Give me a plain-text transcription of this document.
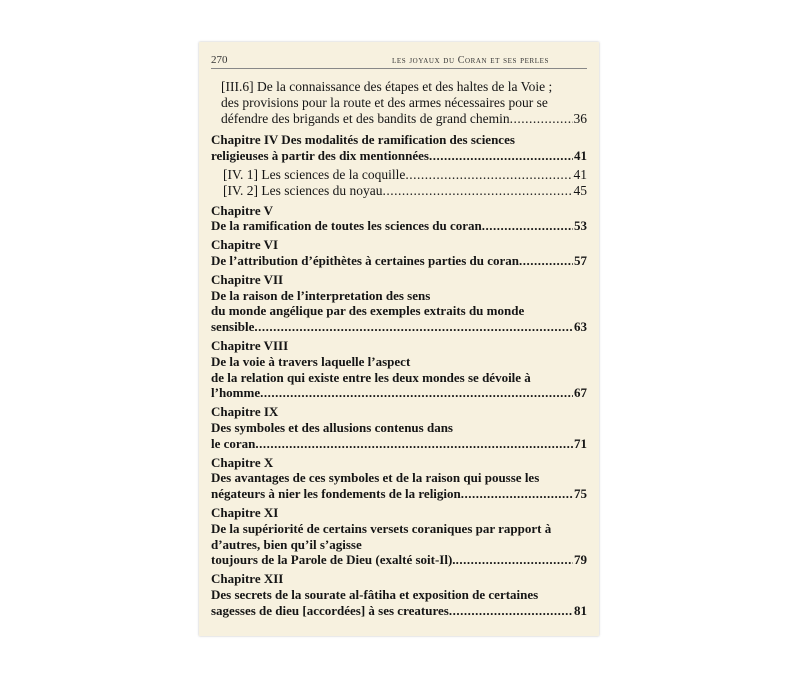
270	les joyaux du Coran et ses perles
[III.6] De la connaissance des étapes et des haltes de la Voie ;
des provisions pour la route et des armes nécessaires pour se
défendre des brigands et des bandits de grand chemin .....	36
Chapitre IV Des modalités de ramification des sciences
religieuses à partir des dix mentionnées .....	41
[IV. 1] Les sciences de la coquille .....	41
[IV. 2] Les sciences du noyau .....	45
Chapitre V
De la ramification de toutes les sciences du coran .....	53
Chapitre VI
De l’attribution d’épithètes à certaines parties du coran .....	57
Chapitre VII
De la raison de l’interpretation des sens
du monde angélique par des exemples extraits du monde
sensible .....	63
Chapitre VIII
De la voie à travers laquelle l’aspect
de la relation qui existe entre les deux mondes se dévoile à
l’homme .....	67
Chapitre IX
Des symboles et des allusions contenus dans
le coran .....	71
Chapitre X
Des avantages de ces symboles et de la raison qui pousse les
négateurs à nier les fondements de la religion .....	75
Chapitre XI
De la supériorité de certains versets coraniques par rapport à
d’autres, bien qu’il s’agisse
toujours de la Parole de Dieu (exalté soit-Il). .....	79
Chapitre XII
Des secrets de la sourate al-fâtiha et exposition de certaines
sagesses de dieu [accordées] à ses creatures .....	81
